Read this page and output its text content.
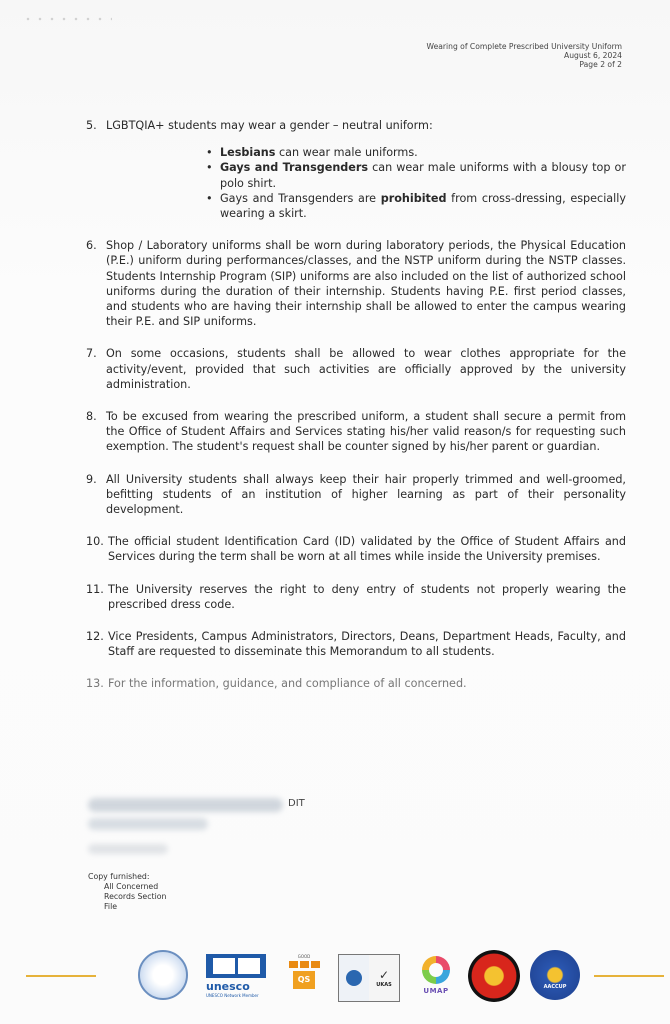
Wearing of Complete Prescribed University Uniform
August 6, 2024
Page 2 of 2
5. LGBTQIA+ students may wear a gender – neutral uniform:
• Lesbians can wear male uniforms.
• Gays and Transgenders can wear male uniforms with a blousy top or polo shirt.
• Gays and Transgenders are prohibited from cross-dressing, especially wearing a skirt.
6. Shop / Laboratory uniforms shall be worn during laboratory periods, the Physical Education (P.E.) uniform during performances/classes, and the NSTP uniform during the NSTP classes. Students Internship Program (SIP) uniforms are also included on the list of authorized school uniforms during the duration of their internship. Students having P.E. first period classes, and students who are having their internship shall be allowed to enter the campus wearing their P.E. and SIP uniforms.
7. On some occasions, students shall be allowed to wear clothes appropriate for the activity/event, provided that such activities are officially approved by the university administration.
8. To be excused from wearing the prescribed uniform, a student shall secure a permit from the Office of Student Affairs and Services stating his/her valid reason/s for requesting such exemption. The student's request shall be counter signed by his/her parent or guardian.
9. All University students shall always keep their hair properly trimmed and well-groomed, befitting students of an institution of higher learning as part of their personality development.
10. The official student Identification Card (ID) validated by the Office of Student Affairs and Services during the term shall be worn at all times while inside the University premises.
11. The University reserves the right to deny entry of students not properly wearing the prescribed dress code.
12. Vice Presidents, Campus Administrators, Directors, Deans, Department Heads, Faculty, and Staff are requested to disseminate this Memorandum to all students.
13. For the information, guidance, and compliance of all concerned.
DIT
Copy furnished:
All Concerned
Records Section
File
unesco
UNESCO Network Member
GOOD
QS	✓
UKAS
UMAP	AACCUP
